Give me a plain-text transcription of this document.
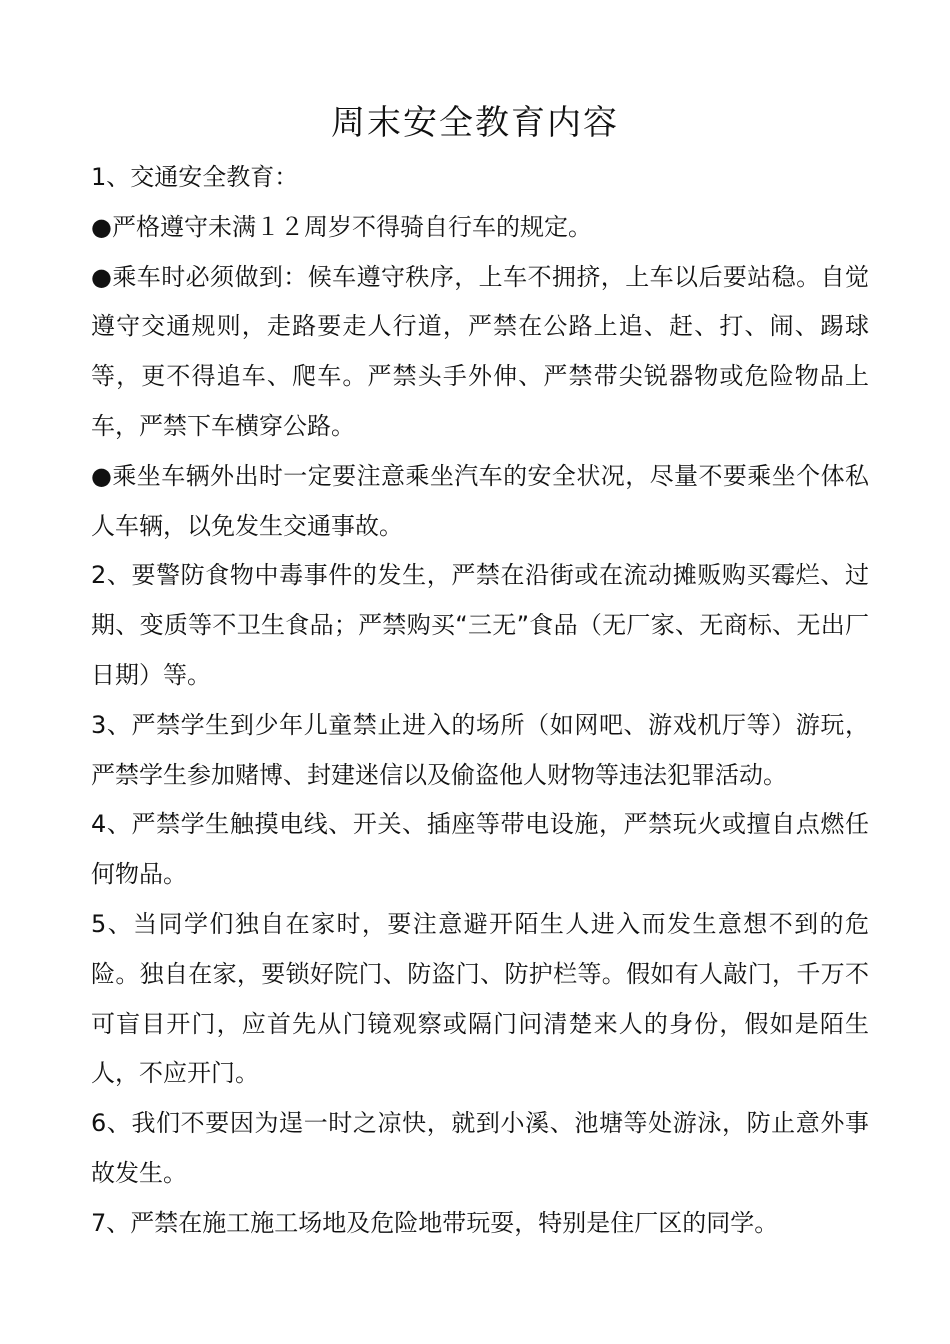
周末安全教育内容

1、交通安全教育：

●严格遵守未满１２周岁不得骑自行车的规定。

●乘车时必须做到：候车遵守秩序，上车不拥挤，上车以后要站稳。自觉遵守交通规则，走路要走人行道，严禁在公路上追、赶、打、闹、踢球等，更不得追车、爬车。严禁头手外伸、严禁带尖锐器物或危险物品上车，严禁下车横穿公路。

●乘坐车辆外出时一定要注意乘坐汽车的安全状况，尽量不要乘坐个体私人车辆，以免发生交通事故。

2、要警防食物中毒事件的发生，严禁在沿街或在流动摊贩购买霉烂、过期、变质等不卫生食品；严禁购买“三无”食品（无厂家、无商标、无出厂日期）等。

3、严禁学生到少年儿童禁止进入的场所（如网吧、游戏机厅等）游玩，严禁学生参加赌博、封建迷信以及偷盗他人财物等违法犯罪活动。

4、严禁学生触摸电线、开关、插座等带电设施，严禁玩火或擅自点燃任何物品。

5、当同学们独自在家时，要注意避开陌生人进入而发生意想不到的危险。独自在家，要锁好院门、防盗门、防护栏等。假如有人敲门，千万不可盲目开门，应首先从门镜观察或隔门问清楚来人的身份，假如是陌生人，不应开门。

6、我们不要因为逞一时之凉快，就到小溪、池塘等处游泳，防止意外事故发生。

7、严禁在施工施工场地及危险地带玩耍，特别是住厂区的同学。
